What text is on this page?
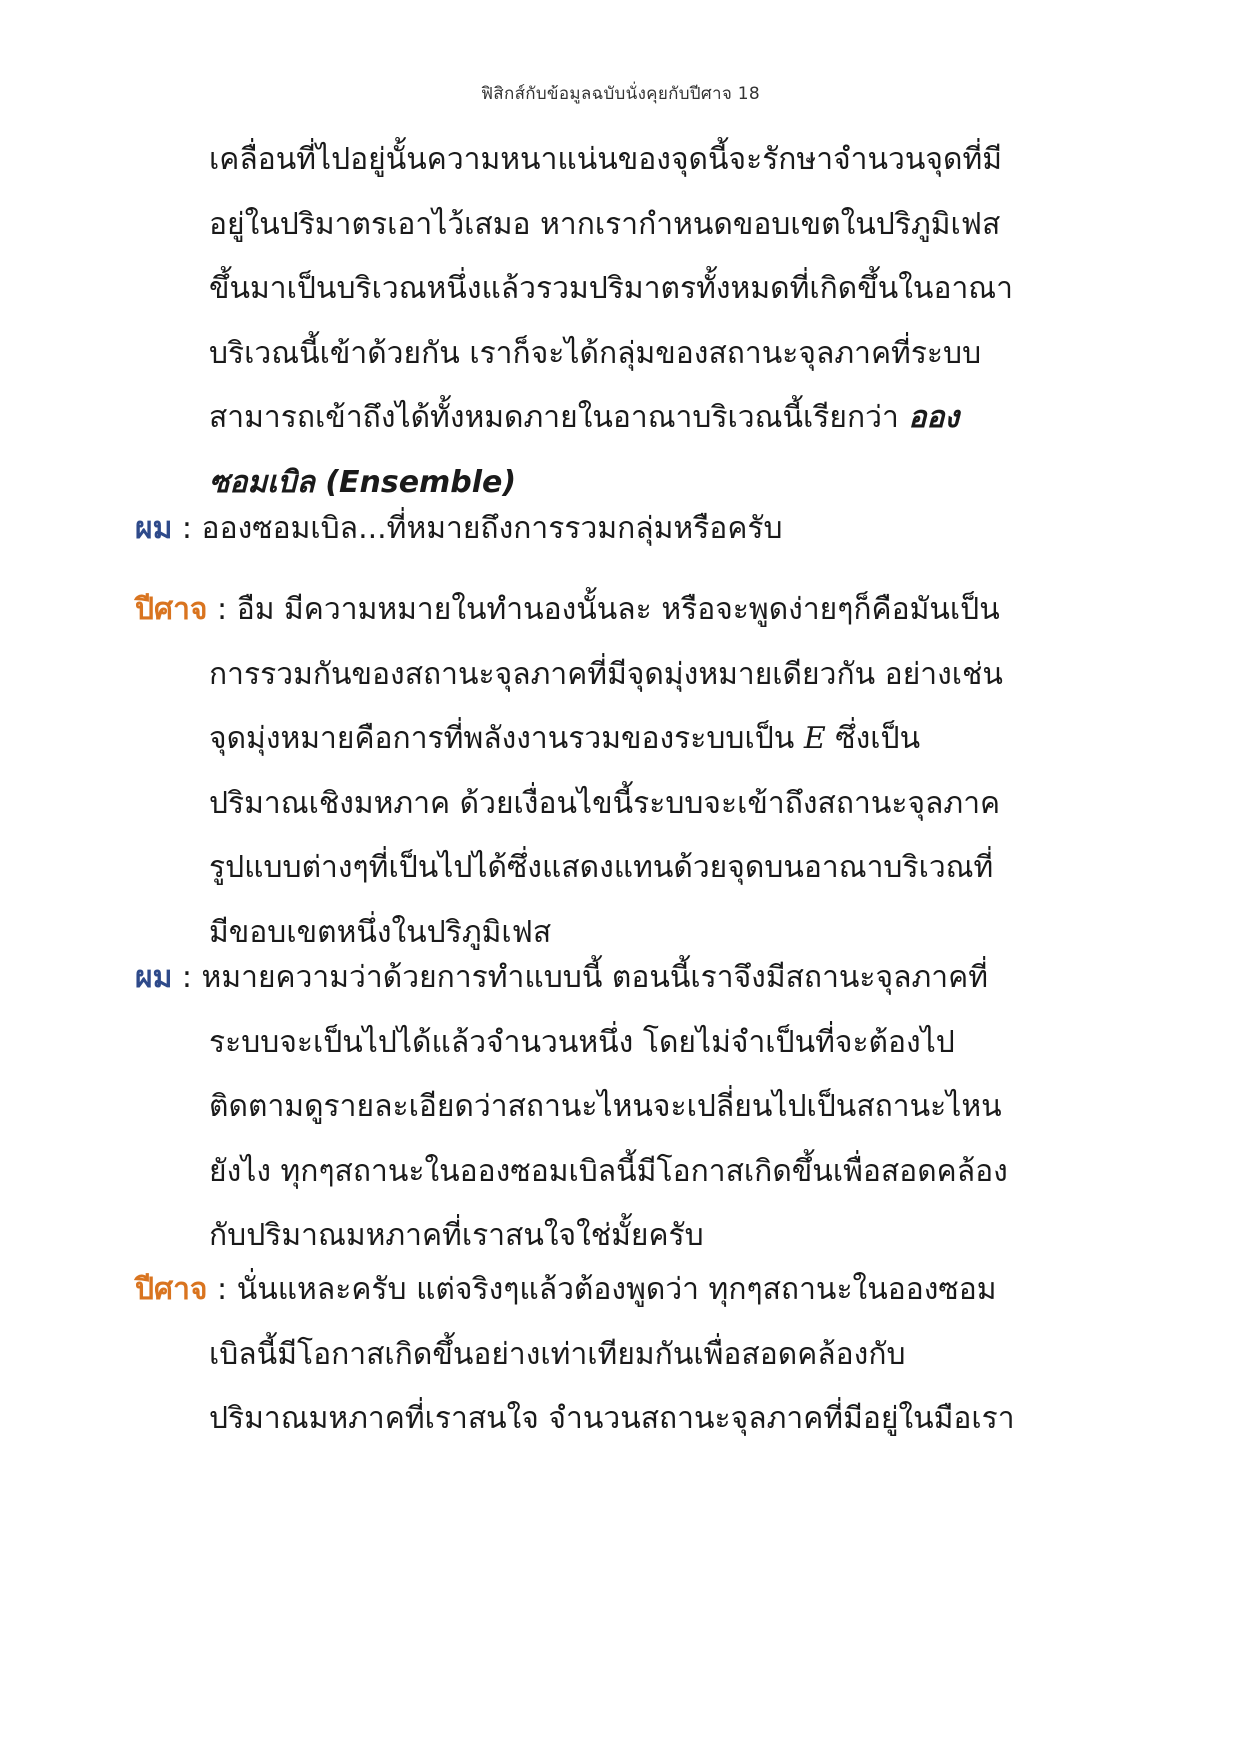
ฟิสิกส์กับข้อมูลฉบับนั่งคุยกับปีศาจ 18
เคลื่อนที่ไปอยู่นั้นความหนาแน่นของจุดนี้จะรักษาจำนวนจุดที่มี
อยู่ในปริมาตรเอาไว้เสมอ หากเรากำหนดขอบเขตในปริภูมิเฟส
ขึ้นมาเป็นบริเวณหนึ่งแล้วรวมปริมาตรทั้งหมดที่เกิดขึ้นในอาณา
บริเวณนี้เข้าด้วยกัน เราก็จะได้กลุ่มของสถานะจุลภาคที่ระบบ
สามารถเข้าถึงได้ทั้งหมดภายในอาณาบริเวณนี้เรียกว่า ออง
ซอมเบิล (Ensemble)
ผม : อองซอมเบิล...ที่หมายถึงการรวมกลุ่มหรือครับ
ปีศาจ : อืม มีความหมายในทำนองนั้นละ หรือจะพูดง่ายๆก็คือมันเป็น
การรวมกันของสถานะจุลภาคที่มีจุดมุ่งหมายเดียวกัน อย่างเช่น
จุดมุ่งหมายคือการที่พลังงานรวมของระบบเป็น E ซึ่งเป็น
ปริมาณเชิงมหภาค ด้วยเงื่อนไขนี้ระบบจะเข้าถึงสถานะจุลภาค
รูปแบบต่างๆที่เป็นไปได้ซึ่งแสดงแทนด้วยจุดบนอาณาบริเวณที่
มีขอบเขตหนึ่งในปริภูมิเฟส
ผม : หมายความว่าด้วยการทำแบบนี้ ตอนนี้เราจึงมีสถานะจุลภาคที่
ระบบจะเป็นไปได้แล้วจำนวนหนึ่ง โดยไม่จำเป็นที่จะต้องไป
ติดตามดูรายละเอียดว่าสถานะไหนจะเปลี่ยนไปเป็นสถานะไหน
ยังไง ทุกๆสถานะในอองซอมเบิลนี้มีโอกาสเกิดขึ้นเพื่อสอดคล้อง
กับปริมาณมหภาคที่เราสนใจใช่มั้ยครับ
ปีศาจ : นั่นแหละครับ แต่จริงๆแล้วต้องพูดว่า ทุกๆสถานะในอองซอม
เบิลนี้มีโอกาสเกิดขึ้นอย่างเท่าเทียมกันเพื่อสอดคล้องกับ
ปริมาณมหภาคที่เราสนใจ จำนวนสถานะจุลภาคที่มีอยู่ในมือเรา
